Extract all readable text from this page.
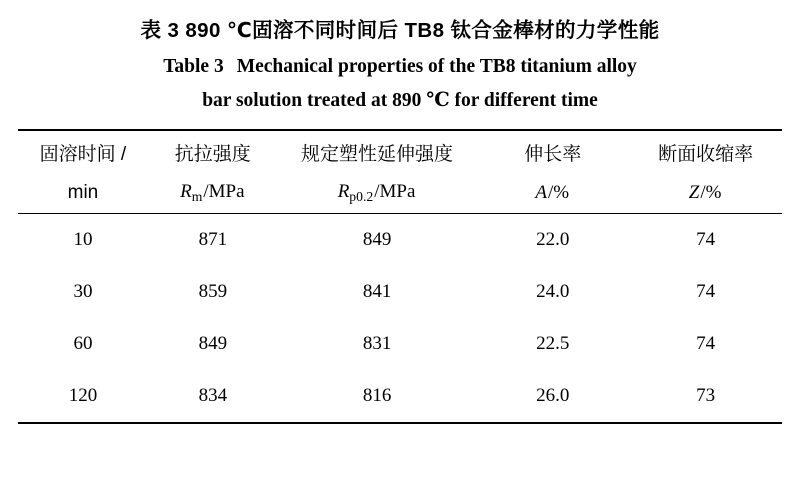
表 3 890 ℃固溶不同时间后 TB8 钛合金棒材的力学性能
Table 3 Mechanical properties of the TB8 titanium alloy
bar solution treated at 890 ℃ for different time
固溶时间 /	抗拉强度	规定塑性延伸强度	伸长率	断面收缩率
min	$R_m$/MPa	$R_{p0.2}$/MPa	A/%	Z/%
10	871	849	22.0	74
30	859	841	24.0	74
60	849	831	22.5	74
120	834	816	26.0	73
